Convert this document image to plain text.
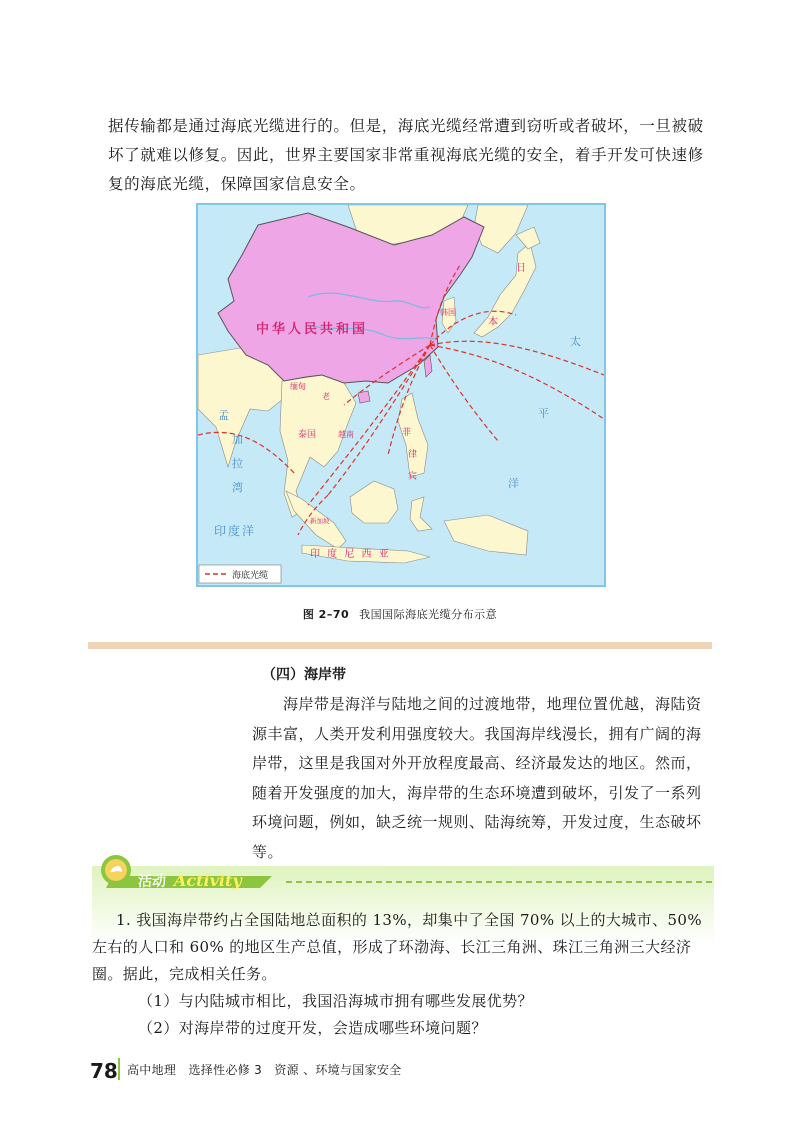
据传输都是通过海底光缆进行的。但是，海底光缆经常遭到窃听或者破坏，一旦被破坏了就难以修复。因此，世界主要国家非常重视海底光缆的安全，着手开发可快速修复的海底光缆，保障国家信息安全。
中华人民共和国
日
本
韩国
太
平
洋
缅甸
老
泰国	越南	菲
律
宾
孟
加
拉
湾
印度洋
新加坡
印 度 尼 西 亚
海底光缆
图 2–70 我国国际海底光缆分布示意
（四）海岸带
海岸带是海洋与陆地之间的过渡地带，地理位置优越，海陆资源丰富，人类开发利用强度较大。我国海岸线漫长，拥有广阔的海岸带，这里是我国对外开放程度最高、经济最发达的地区。然而，随着开发强度的加大，海岸带的生态环境遭到破坏，引发了一系列环境问题，例如，缺乏统一规则、陆海统筹，开发过度，生态破坏等。
活动 Activity

1. 我国海岸带约占全国陆地总面积的 13%，却集中了全国 70% 以上的大城市、50% 左右的人口和 60% 的地区生产总值，形成了环渤海、长江三角洲、珠江三角洲三大经济圈。据此，完成相关任务。

（1）与内陆城市相比，我国沿海城市拥有哪些发展优势？

（2）对海岸带的过度开发，会造成哪些环境问题？

78 高中地理　选择性必修 3　资源 、环境与国家安全
